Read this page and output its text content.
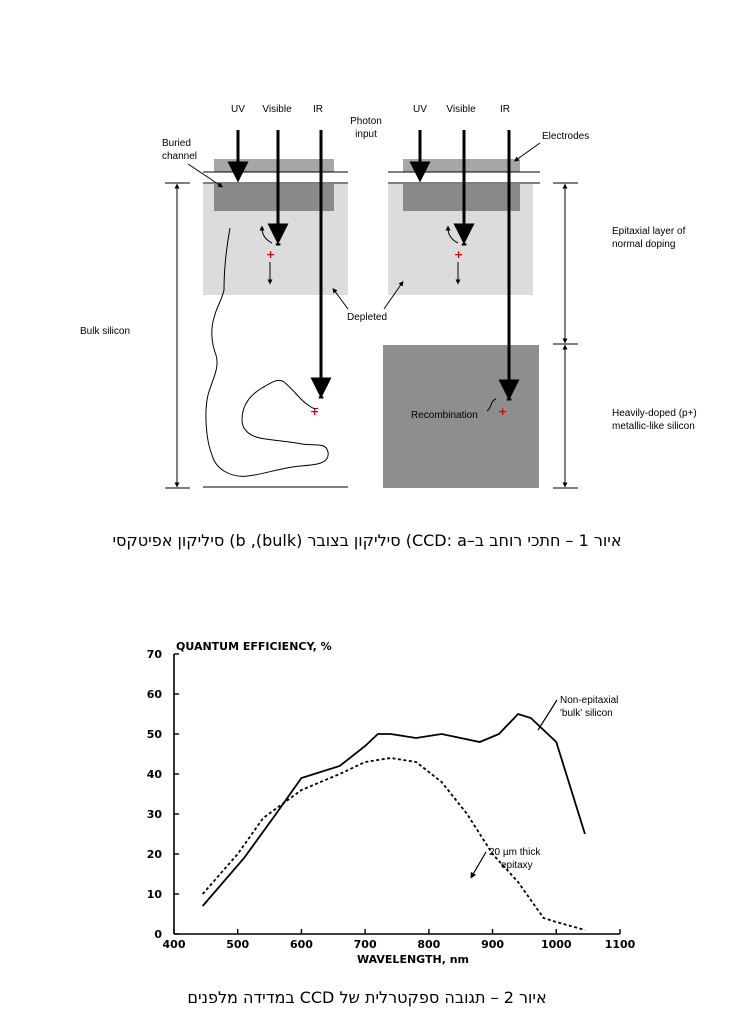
UV Visible IR
Photon
input
UV Visible IR
Buried
channel
Electrodes
Bulk silicon
Epitaxial layer of
normal doping
Heavily-doped (p+)
metallic-like silicon
Depleted
Recombination
-
+
-
+
-
+
-
+
איור 1 – חתכי רוחב ב–CCD: a) סיליקון בצובר (bulk), b) סיליקון אפיטקסי
400	500	600	700	800	900	1000	1100
0
10
20
30
40
50
60
70
QUANTUM EFFICIENCY, %
WAVELENGTH, nm
Non-epitaxial
'bulk' silicon
20 µm thick
epitaxy
איור 2 – תגובה ספקטרלית של CCD במדידה מלפנים
